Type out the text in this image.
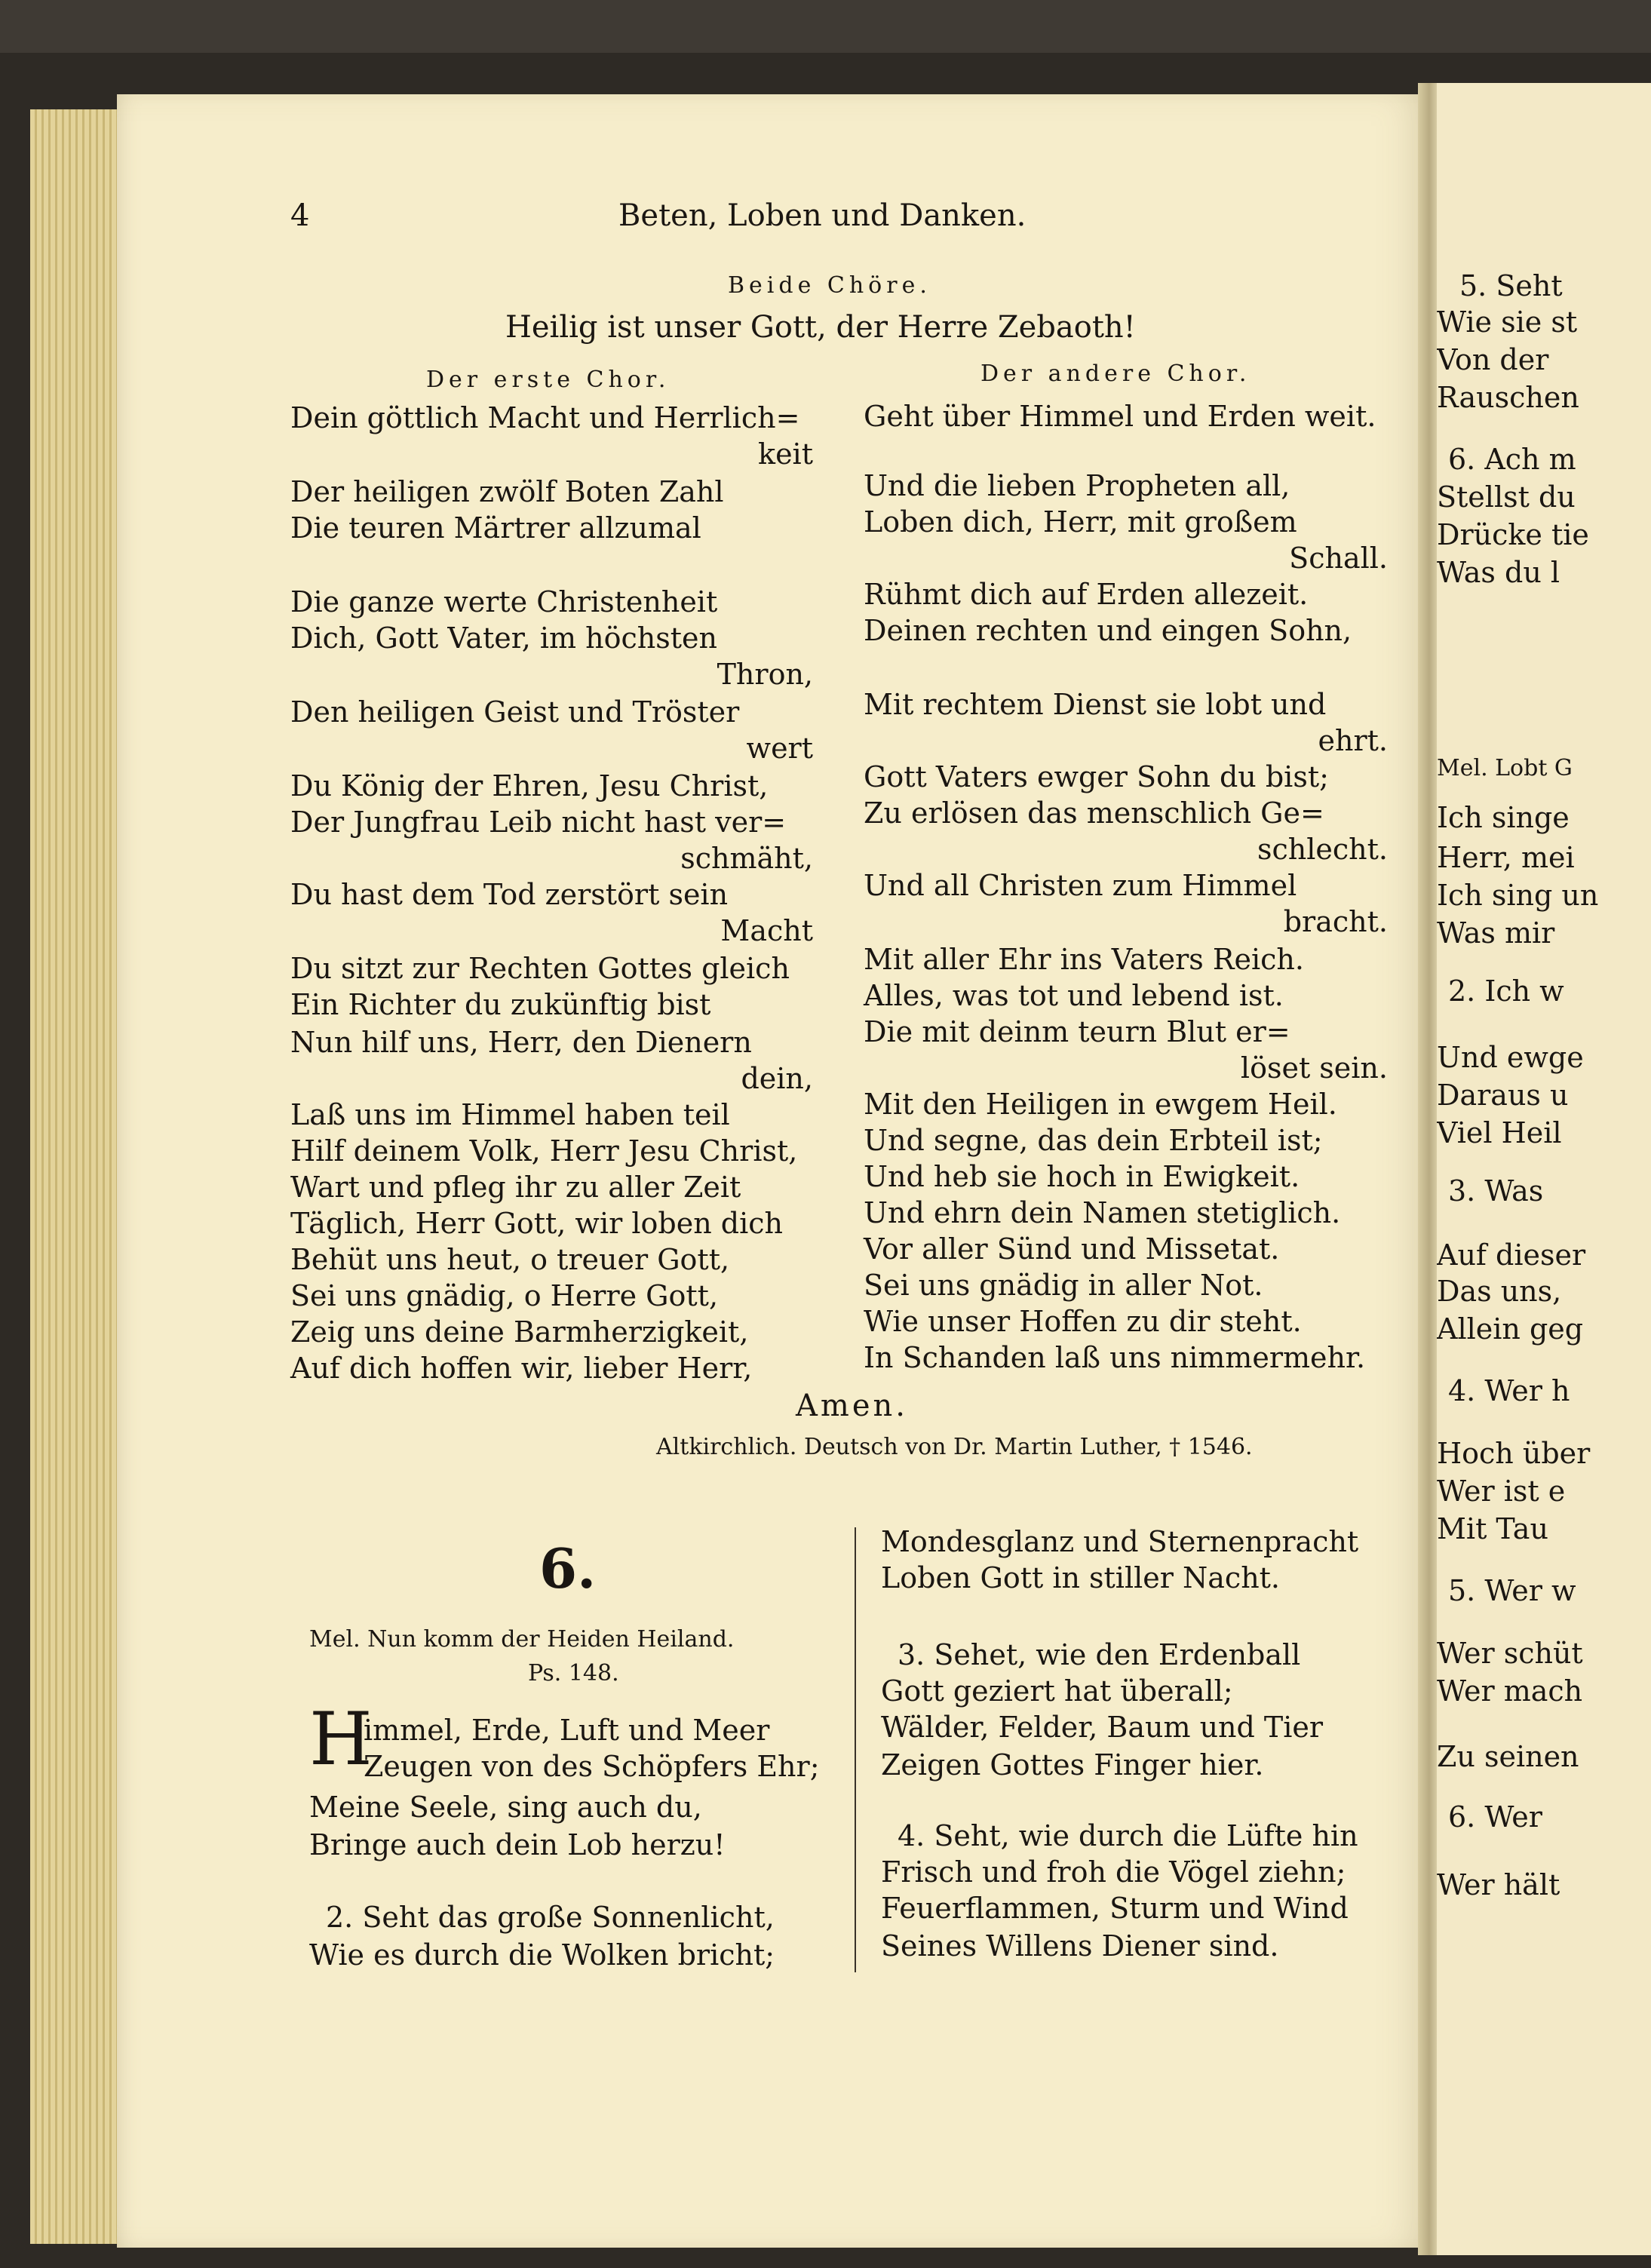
5. Seht
Wie sie st
Von der
Rauschen
6. Ach m
Stellst du
Drücke tie
Was du l
Mel. Lobt G
Ich singe
Herr, mei
Ich sing un
Was mir
2. Ich w
Und ewge
Daraus u
Viel Heil
3. Was
Auf dieser
Das uns,
Allein geg
4. Wer h
Hoch über
Wer ist e
Mit Tau
5. Wer w
Wer schüt
Wer mach
Zu seinen
6. Wer
Wer hält
4	Beten, Loben und Danken.
Beide Chöre.
Heilig ist unser Gott, der Herre Zebaoth!
Der erste Chor.	Der andere Chor.
Dein göttlich Macht und Herrlich=
keit
Der heiligen zwölf Boten Zahl
Die teuren Märtrer allzumal
Die ganze werte Christenheit
Dich, Gott Vater, im höchsten
Thron,
Den heiligen Geist und Tröster
wert
Du König der Ehren, Jesu Christ,
Der Jungfrau Leib nicht hast ver=
schmäht,
Du hast dem Tod zerstört sein
Macht
Du sitzt zur Rechten Gottes gleich
Ein Richter du zukünftig bist
Nun hilf uns, Herr, den Dienern
dein,
Laß uns im Himmel haben teil
Hilf deinem Volk, Herr Jesu Christ,
Wart und pfleg ihr zu aller Zeit
Täglich, Herr Gott, wir loben dich
Behüt uns heut, o treuer Gott,
Sei uns gnädig, o Herre Gott,
Zeig uns deine Barmherzigkeit,
Auf dich hoffen wir, lieber Herr,
Geht über Himmel und Erden weit.
Und die lieben Propheten all,
Loben dich, Herr, mit großem
Schall.
Rühmt dich auf Erden allezeit.
Deinen rechten und eingen Sohn,
Mit rechtem Dienst sie lobt und
ehrt.
Gott Vaters ewger Sohn du bist;
Zu erlösen das menschlich Ge=
schlecht.
Und all Christen zum Himmel
bracht.
Mit aller Ehr ins Vaters Reich.
Alles, was tot und lebend ist.
Die mit deinm teurn Blut er=
löset sein.
Mit den Heiligen in ewgem Heil.
Und segne, das dein Erbteil ist;
Und heb sie hoch in Ewigkeit.
Und ehrn dein Namen stetiglich.
Vor aller Sünd und Missetat.
Sei uns gnädig in aller Not.
Wie unser Hoffen zu dir steht.
In Schanden laß uns nimmermehr.
Amen.
Altkirchlich. Deutsch von Dr. Martin Luther, † 1546.
6.
Mel. Nun komm der Heiden Heiland.
Ps. 148.
H
immel, Erde, Luft und Meer
Zeugen von des Schöpfers Ehr;
Meine Seele, sing auch du,
Bringe auch dein Lob herzu!
2. Seht das große Sonnenlicht,
Wie es durch die Wolken bricht;
Mondesglanz und Sternenpracht
Loben Gott in stiller Nacht.
3. Sehet, wie den Erdenball
Gott geziert hat überall;
Wälder, Felder, Baum und Tier
Zeigen Gottes Finger hier.
4. Seht, wie durch die Lüfte hin
Frisch und froh die Vögel ziehn;
Feuerflammen, Sturm und Wind
Seines Willens Diener sind.
